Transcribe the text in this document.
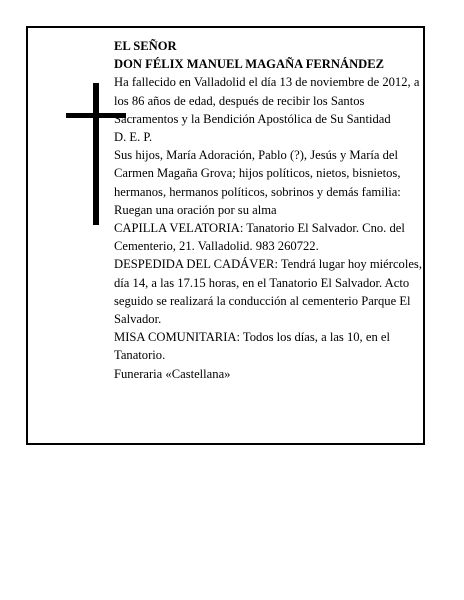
EL SEÑOR

DON FÉLIX MANUEL MAGAÑA FERNÁNDEZ

Ha fallecido en Valladolid el día 13 de noviembre de 2012, a los 86 años de edad, después de recibir los Santos Sacramentos y la Bendición Apostólica de Su Santidad

D. E. P.

Sus hijos, María Adoración, Pablo (?), Jesús y María del Carmen Magaña Grova; hijos políticos, nietos, bisnietos, hermanos, hermanos políticos, sobrinos y demás familia:

Ruegan una oración por su alma

CAPILLA VELATORIA: Tanatorio El Salvador. Cno. del Cementerio, 21. Valladolid. 983 260722.

DESPEDIDA DEL CADÁVER: Tendrá lugar hoy miércoles, día 14, a las 17.15 horas, en el Tanatorio El Salvador. Acto seguido se realizará la conducción al cementerio Parque El Salvador.

MISA COMUNITARIA: Todos los días, a las 10, en el Tanatorio.

Funeraria «Castellana»
